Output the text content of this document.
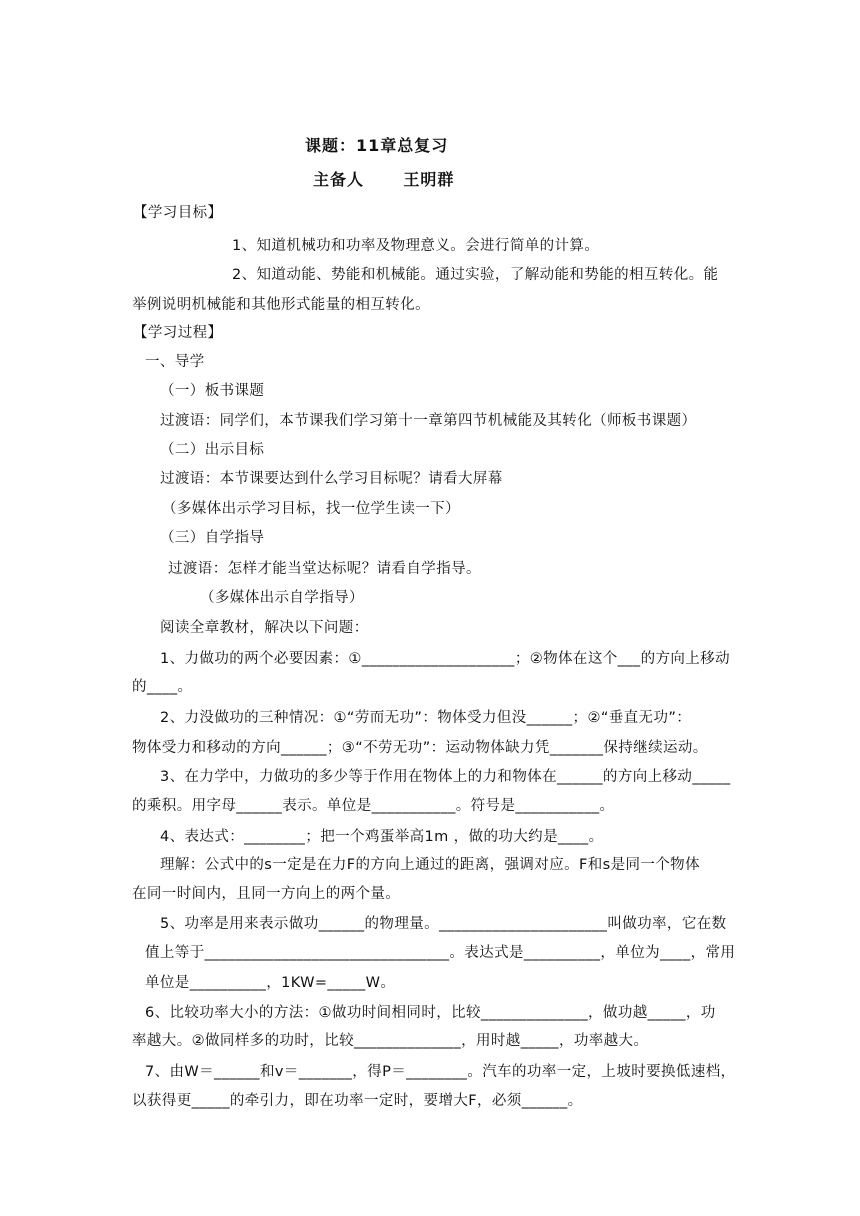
课题：11章总复习
主备人      王明群
【学习目标】
1、知道机械功和功率及物理意义。会进行简单的计算。
2、知道动能、势能和机械能。通过实验，了解动能和势能的相互转化。能
举例说明机械能和其他形式能量的相互转化。
【学习过程】
一、导学
（一）板书课题
过渡语：同学们，本节课我们学习第十一章第四节机械能及其转化（师板书课题）
（二）出示目标
过渡语：本节课要达到什么学习目标呢？请看大屏幕
（多媒体出示学习目标，找一位学生读一下）
（三）自学指导
过渡语：怎样才能当堂达标呢？请看自学指导。
（多媒体出示自学指导）
阅读全章教材，解决以下问题：
1、力做功的两个必要因素：①____________________；②物体在这个___的方向上移动
的____。
2、力没做功的三种情况：①“劳而无功”：物体受力但没______；②“垂直无功”：
物体受力和移动的方向______；③“不劳无功”：运动物体缺力凭_______保持继续运动。
3、在力学中，力做功的多少等于作用在物体上的力和物体在______的方向上移动_____
的乘积。用字母______表示。单位是___________。符号是___________。
4、表达式：________；把一个鸡蛋举高1m ，做的功大约是____。
理解：公式中的s一定是在力F的方向上通过的距离，强调对应。F和s是同一个物体
在同一时间内，且同一方向上的两个量。
5、功率是用来表示做功______的物理量。______________________叫做功率，它在数
值上等于________________________________。表达式是__________，单位为____，常用
单位是__________，1KW=_____W。
6、比较功率大小的方法：①做功时间相同时，比较______________，做功越_____，功
率越大。②做同样多的功时，比较______________，用时越_____，功率越大。
7、由W＝______和v＝_______，得P＝________。汽车的功率一定，上坡时要换低速档，
以获得更_____的牵引力，即在功率一定时，要增大F，必须______。
